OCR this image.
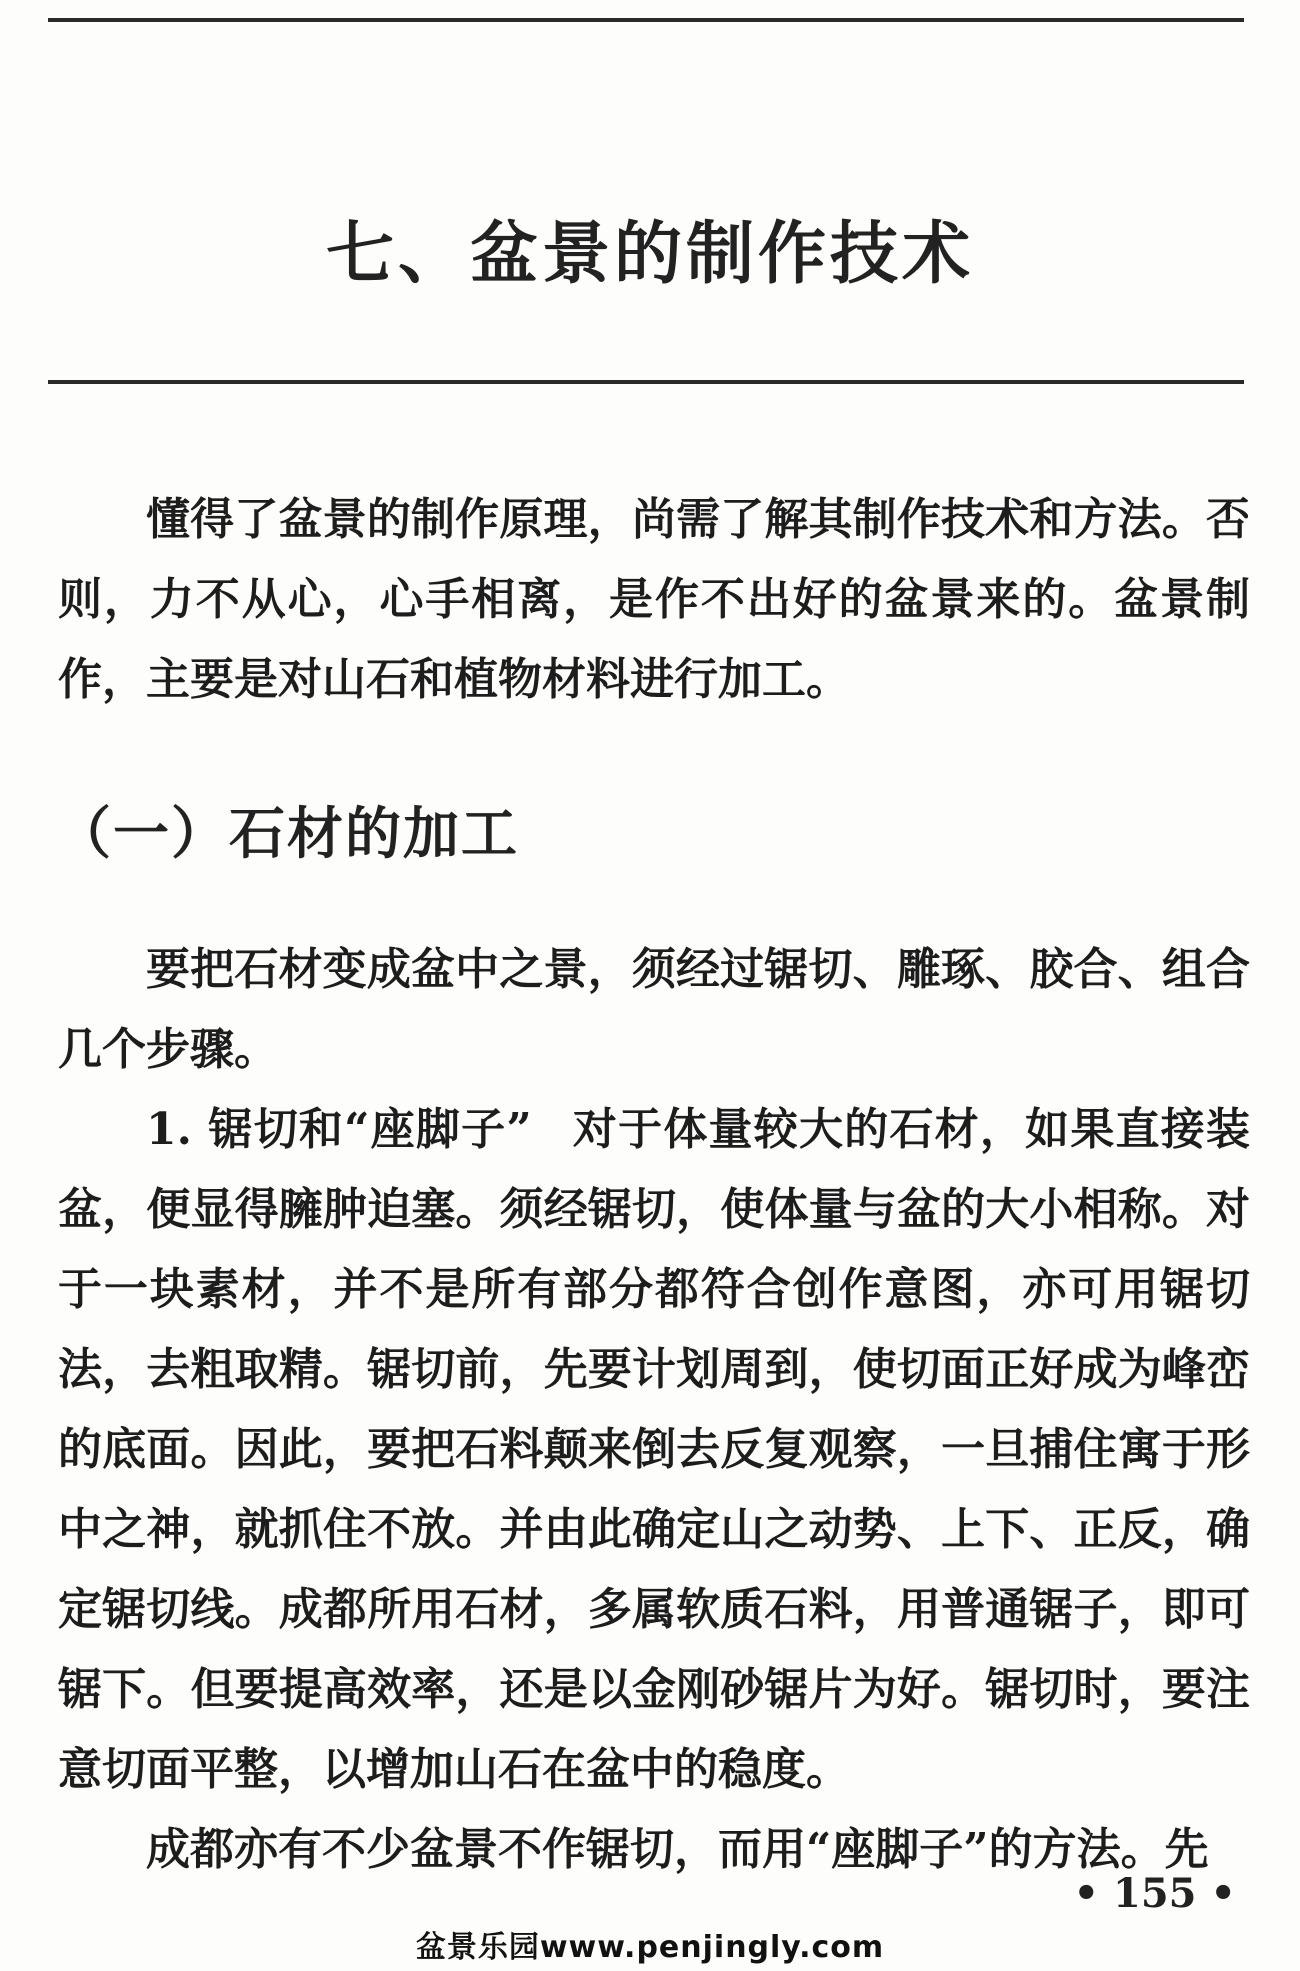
七、盆景的制作技术

懂得了盆景的制作原理，尚需了解其制作技术和方法。否则，力不从心，心手相离，是作不出好的盆景来的。盆景制作，主要是对山石和植物材料进行加工。

（一）石材的加工

要把石材变成盆中之景，须经过锯切、雕琢、胶合、组合几个步骤。

1. 锯切和“座脚子” 对于体量较大的石材，如果直接装盆，便显得臃肿迫塞。须经锯切，使体量与盆的大小相称。对于一块素材，并不是所有部分都符合创作意图，亦可用锯切法，去粗取精。锯切前，先要计划周到，使切面正好成为峰峦的底面。因此，要把石料颠来倒去反复观察，一旦捕住寓于形中之神，就抓住不放。并由此确定山之动势、上下、正反，确定锯切线。成都所用石材，多属软质石料，用普通锯子，即可锯下。但要提高效率，还是以金刚砂锯片为好。锯切时，要注意切面平整，以增加山石在盆中的稳度。

成都亦有不少盆景不作锯切，而用“座脚子”的方法。先

• 155 •
盆景乐园www.penjingly.com
